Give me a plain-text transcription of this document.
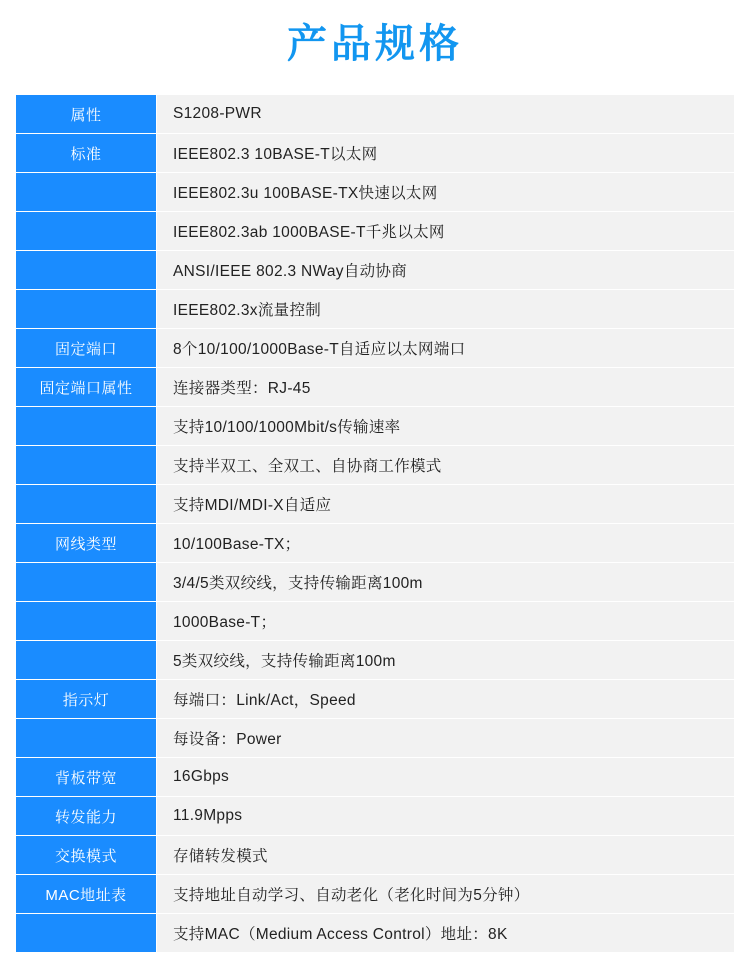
产品规格
属性	S1208-PWR
标准	IEEE802.3 10BASE-T以太网
	IEEE802.3u 100BASE-TX快速以太网
	IEEE802.3ab 1000BASE-T千兆以太网
	ANSI/IEEE 802.3 NWay自动协商
	IEEE802.3x流量控制
固定端口	8个10/100/1000Base-T自适应以太网端口
固定端口属性	连接器类型：RJ-45
	支持10/100/1000Mbit/s传输速率
	支持半双工、全双工、自协商工作模式
	支持MDI/MDI-X自适应
网线类型	10/100Base-TX；
	3/4/5类双绞线，支持传输距离100m
	1000Base-T；
	5类双绞线，支持传输距离100m
指示灯	每端口：Link/Act，Speed
	每设备：Power
背板带宽	16Gbps
转发能力	11.9Mpps
交换模式	存储转发模式
MAC地址表	支持地址自动学习、自动老化（老化时间为5分钟）
	支持MAC（Medium Access Control）地址：8K
